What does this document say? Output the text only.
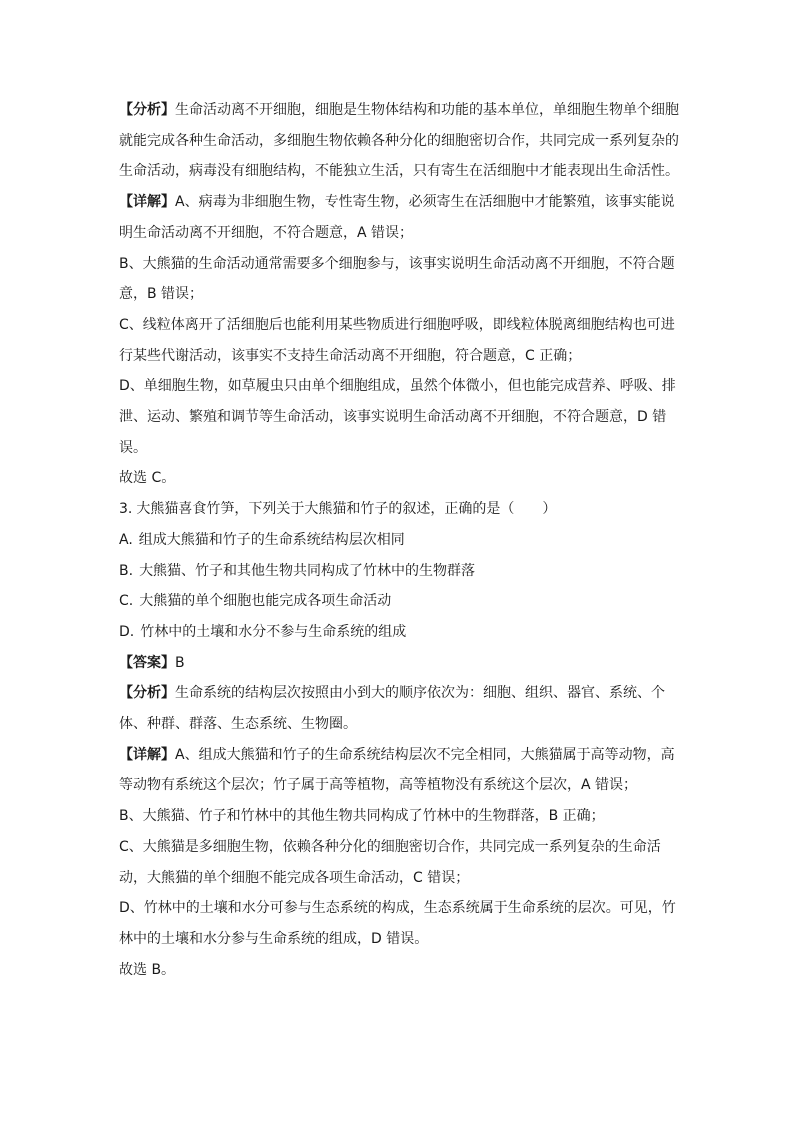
【分析】生命活动离不开细胞，细胞是生物体结构和功能的基本单位，单细胞生物单个细胞就能完成各种生命活动，多细胞生物依赖各种分化的细胞密切合作，共同完成一系列复杂的生命活动，病毒没有细胞结构，不能独立生活，只有寄生在活细胞中才能表现出生命活性。

【详解】A、病毒为非细胞生物，专性寄生物，必须寄生在活细胞中才能繁殖，该事实能说明生命活动离不开细胞，不符合题意，A 错误；

B、大熊猫的生命活动通常需要多个细胞参与，该事实说明生命活动离不开细胞，不符合题意，B 错误；

C、线粒体离开了活细胞后也能利用某些物质进行细胞呼吸，即线粒体脱离细胞结构也可进行某些代谢活动，该事实不支持生命活动离不开细胞，符合题意，C 正确；

D、单细胞生物，如草履虫只由单个细胞组成，虽然个体微小，但也能完成营养、呼吸、排泄、运动、繁殖和调节等生命活动，该事实说明生命活动离不开细胞，不符合题意，D 错误。

故选 C。

3. 大熊猫喜食竹笋，下列关于大熊猫和竹子的叙述，正确的是（　　）

A. 组成大熊猫和竹子的生命系统结构层次相同

B. 大熊猫、竹子和其他生物共同构成了竹林中的生物群落

C. 大熊猫的单个细胞也能完成各项生命活动

D. 竹林中的土壤和水分不参与生命系统的组成

【答案】B

【分析】生命系统的结构层次按照由小到大的顺序依次为：细胞、组织、器官、系统、个体、种群、群落、生态系统、生物圈。

【详解】A、组成大熊猫和竹子的生命系统结构层次不完全相同，大熊猫属于高等动物，高等动物有系统这个层次；竹子属于高等植物，高等植物没有系统这个层次，A 错误；

B、大熊猫、竹子和竹林中的其他生物共同构成了竹林中的生物群落，B 正确；

C、大熊猫是多细胞生物，依赖各种分化的细胞密切合作，共同完成一系列复杂的生命活动，大熊猫的单个细胞不能完成各项生命活动，C 错误；

D、竹林中的土壤和水分可参与生态系统的构成，生态系统属于生命系统的层次。可见，竹林中的土壤和水分参与生命系统的组成，D 错误。

故选 B。
